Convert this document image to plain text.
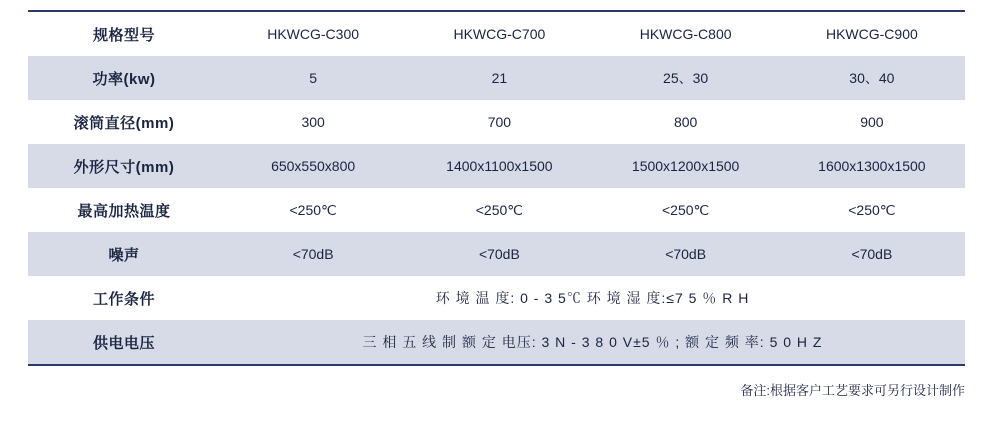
规格型号	HKWCG-C300	HKWCG-C700	HKWCG-C800	HKWCG-C900
功率(kw)	5	21	25、30	30、40
滚筒直径(mm)	300	700	800	900
外形尺寸(mm)	650x550x800	1400x1100x1500	1500x1200x1500	1600x1300x1500
最高加热温度	<250℃	<250℃	<250℃	<250℃
噪声	<70dB	<70dB	<70dB	<70dB
工作条件	环 境 温 度: 0 - 3 5℃ 环 境 湿 度:≤7 5 ％ R H			
供电电压	三 相 五 线 制 额 定 电压: 3 N - 3 8 0 V±5 ％ ; 额 定 频 率: 5 0 H Z			
备注:根据客户工艺要求可另行设计制作
